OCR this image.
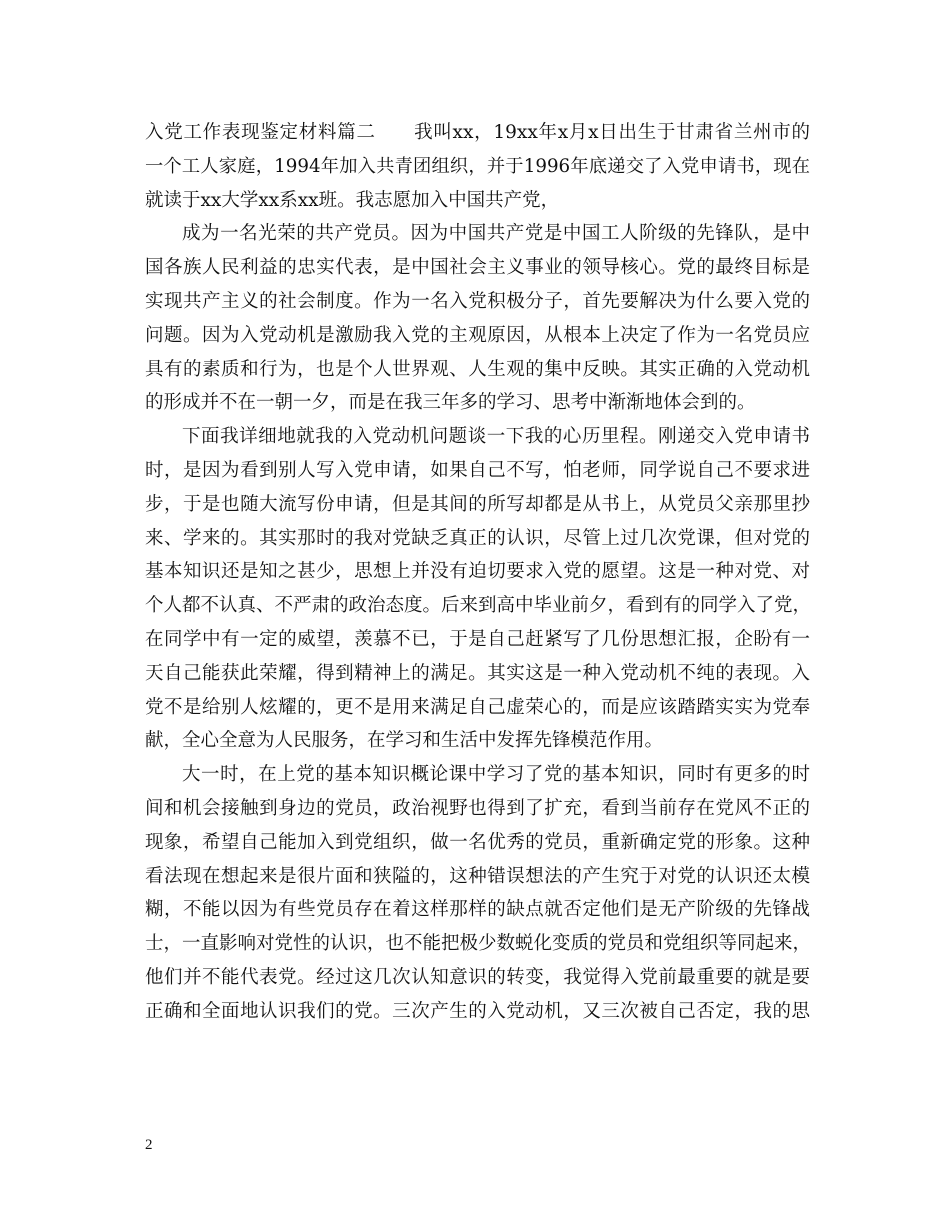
入党工作表现鉴定材料篇二　　我叫xx，19xx年x月x日出生于甘肃省兰州市的
一个工人家庭，1994年加入共青团组织，并于1996年底递交了入党申请书，现在
就读于xx大学xx系xx班。我志愿加入中国共产党，
成为一名光荣的共产党员。因为中国共产党是中国工人阶级的先锋队，是中
国各族人民利益的忠实代表，是中国社会主义事业的领导核心。党的最终目标是
实现共产主义的社会制度。作为一名入党积极分子，首先要解决为什么要入党的
问题。因为入党动机是激励我入党的主观原因，从根本上决定了作为一名党员应
具有的素质和行为，也是个人世界观、人生观的集中反映。其实正确的入党动机
的形成并不在一朝一夕，而是在我三年多的学习、思考中渐渐地体会到的。
下面我详细地就我的入党动机问题谈一下我的心历里程。刚递交入党申请书
时，是因为看到别人写入党申请，如果自己不写，怕老师，同学说自己不要求进
步，于是也随大流写份申请，但是其间的所写却都是从书上，从党员父亲那里抄
来、学来的。其实那时的我对党缺乏真正的认识，尽管上过几次党课，但对党的
基本知识还是知之甚少，思想上并没有迫切要求入党的愿望。这是一种对党、对
个人都不认真、不严肃的政治态度。后来到高中毕业前夕，看到有的同学入了党，
在同学中有一定的威望，羡慕不已，于是自己赶紧写了几份思想汇报，企盼有一
天自己能获此荣耀，得到精神上的满足。其实这是一种入党动机不纯的表现。入
党不是给别人炫耀的，更不是用来满足自己虚荣心的，而是应该踏踏实实为党奉
献，全心全意为人民服务，在学习和生活中发挥先锋模范作用。
大一时，在上党的基本知识概论课中学习了党的基本知识，同时有更多的时
间和机会接触到身边的党员，政治视野也得到了扩充，看到当前存在党风不正的
现象，希望自己能加入到党组织，做一名优秀的党员，重新确定党的形象。这种
看法现在想起来是很片面和狭隘的，这种错误想法的产生究于对党的认识还太模
糊，不能以因为有些党员存在着这样那样的缺点就否定他们是无产阶级的先锋战
士，一直影响对党性的认识，也不能把极少数蜕化变质的党员和党组织等同起来，
他们并不能代表党。经过这几次认知意识的转变，我觉得入党前最重要的就是要
正确和全面地认识我们的党。三次产生的入党动机，又三次被自己否定，我的思
2
